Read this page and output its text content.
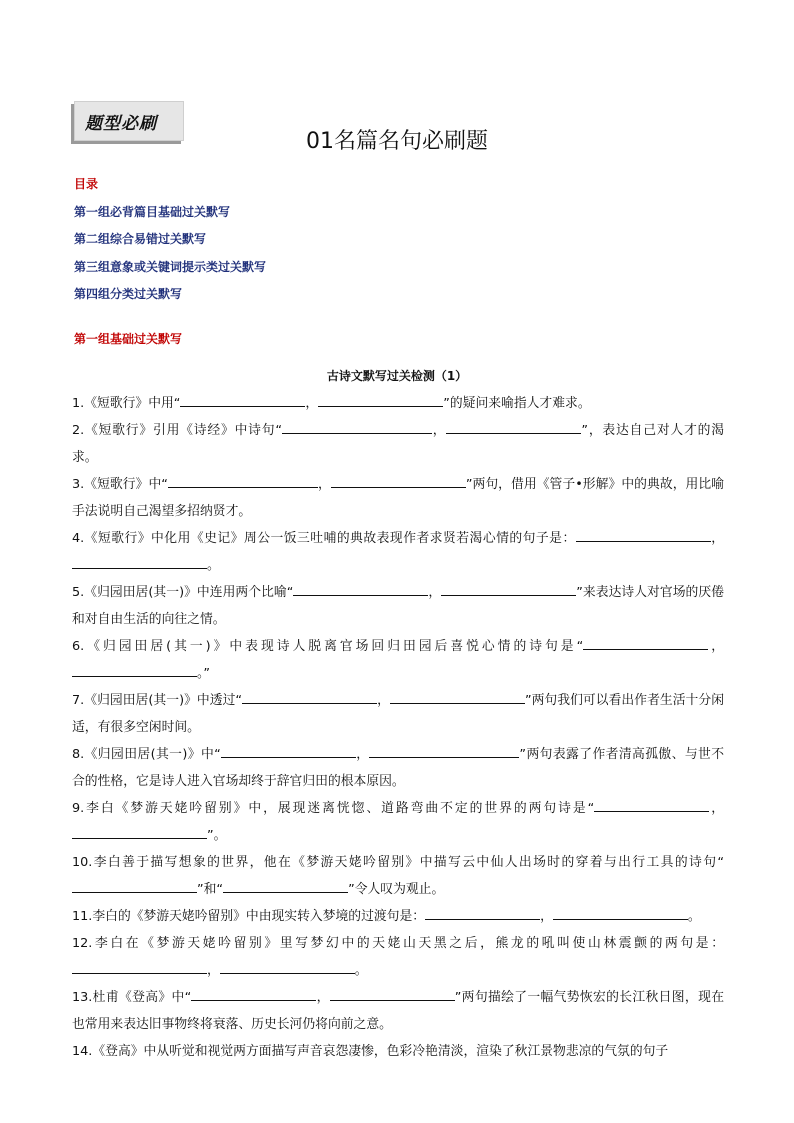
题型必刷
01名篇名句必刷题
目录
第一组必背篇目基础过关默写
第二组综合易错过关默写
第三组意象或关键词提示类过关默写
第四组分类过关默写
第一组基础过关默写
古诗文默写过关检测（1）

1.《短歌行》中用“	，	”的疑问来喻指人才难求。

2.《短歌行》引用《诗经》中诗句“	，	”，表达自己对人才的渴求。

3.《短歌行》中“	，	”两句，借用《管子•形解》中的典故，用比喻手法说明自己渴望多招纳贤才。

4.《短歌行》中化用《史记》周公一饭三吐哺的典故表现作者求贤若渴心情的句子是：	，。

5.《归园田居(其一)》中连用两个比喻“	，	”来表达诗人对官场的厌倦和对自由生活的向往之情。

6.《归园田居(其一)》中表现诗人脱离官场回归田园后喜悦心情的诗句是“	，。”

7.《归园田居(其一)》中透过“	，	”两句我们可以看出作者生活十分闲适，有很多空闲时间。

8.《归园田居(其一)》中“	，	”两句表露了作者清高孤傲、与世不合的性格，它是诗人进入官场却终于辞官归田的根本原因。

9.李白《梦游天姥吟留别》中，展现迷离恍惚、道路弯曲不定的世界的两句诗是“	，”。

10.李白善于描写想象的世界，他在《梦游天姥吟留别》中描写云中仙人出场时的穿着与出行工具的诗句“”和“	”令人叹为观止。

11.李白的《梦游天姥吟留别》中由现实转入梦境的过渡句是：	，	。

12.李白在《梦游天姥吟留别》里写梦幻中的天姥山天黑之后，熊龙的吼叫使山林震颤的两句是：，	。

13.杜甫《登高》中“	，	”两句描绘了一幅气势恢宏的长江秋日图，现在也常用来表达旧事物终将衰落、历史长河仍将向前之意。

14.《登高》中从听觉和视觉两方面描写声音哀怨凄惨，色彩冷艳清淡，渲染了秋江景物悲凉的气氛的句子
